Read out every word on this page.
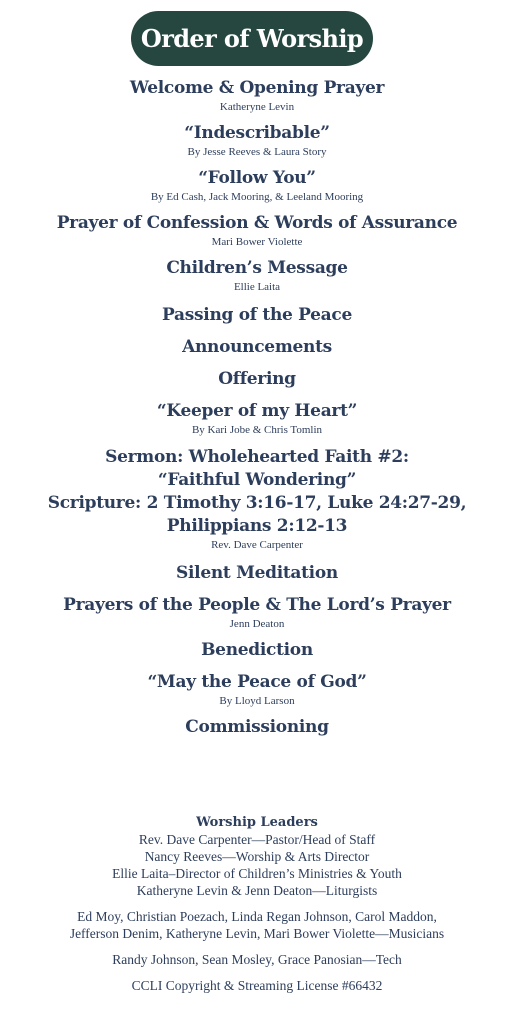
Order of Worship

Welcome & Opening Prayer

Katheryne Levin

“Indescribable”

By Jesse Reeves & Laura Story

“Follow You”

By Ed Cash, Jack Mooring, & Leeland Mooring

Prayer of Confession & Words of Assurance

Mari Bower Violette

Children’s Message

Ellie Laita

Passing of the Peace

Announcements

Offering

“Keeper of my Heart”

By Kari Jobe & Chris Tomlin

Sermon: Wholehearted Faith #2:

“Faithful Wondering”

Scripture: 2 Timothy 3:16-17, Luke 24:27-29,

Philippians 2:12-13

Rev. Dave Carpenter

Silent Meditation

Prayers of the People & The Lord’s Prayer

Jenn Deaton

Benediction

“May the Peace of God”

By Lloyd Larson

Commissioning

Worship Leaders

Rev. Dave Carpenter—Pastor/Head of Staff

Nancy Reeves—Worship & Arts Director

Ellie Laita–Director of Children’s Ministries & Youth

Katheryne Levin & Jenn Deaton—Liturgists

Ed Moy, Christian Poezach, Linda Regan Johnson, Carol Maddon,

Jefferson Denim, Katheryne Levin, Mari Bower Violette—Musicians

Randy Johnson, Sean Mosley, Grace Panosian—Tech

CCLI Copyright & Streaming License #66432
